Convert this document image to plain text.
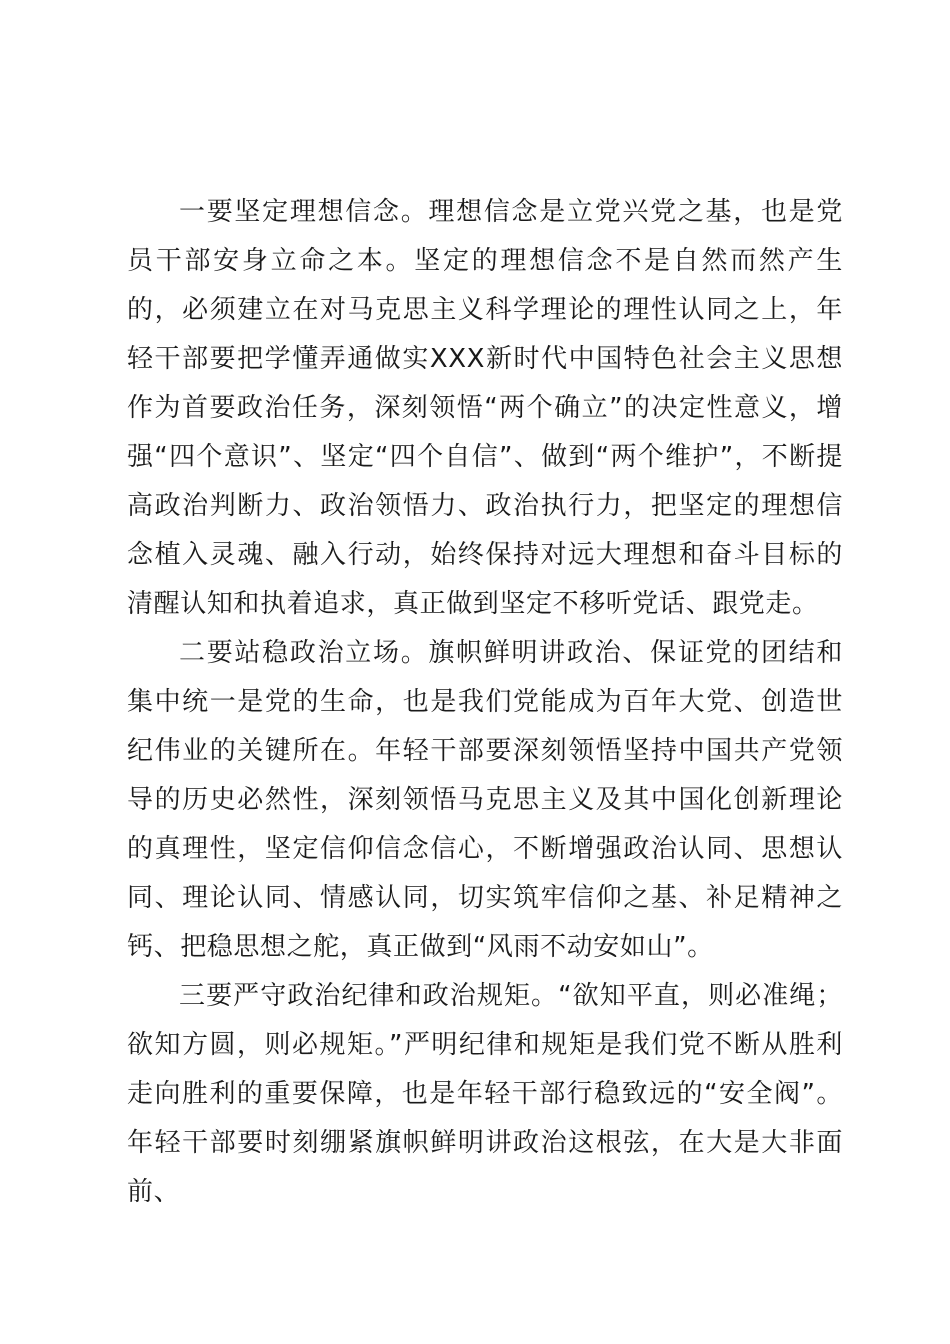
一要坚定理想信念。理想信念是立党兴党之基，也是党员干部安身立命之本。坚定的理想信念不是自然而然产生的，必须建立在对马克思主义科学理论的理性认同之上，年轻干部要把学懂弄通做实XXX新时代中国特色社会主义思想作为首要政治任务，深刻领悟“两个确立”的决定性意义，增强“四个意识”、坚定“四个自信”、做到“两个维护”，不断提高政治判断力、政治领悟力、政治执行力，把坚定的理想信念植入灵魂、融入行动，始终保持对远大理想和奋斗目标的清醒认知和执着追求，真正做到坚定不移听党话、跟党走。

二要站稳政治立场。旗帜鲜明讲政治、保证党的团结和集中统一是党的生命，也是我们党能成为百年大党、创造世纪伟业的关键所在。年轻干部要深刻领悟坚持中国共产党领导的历史必然性，深刻领悟马克思主义及其中国化创新理论的真理性，坚定信仰信念信心，不断增强政治认同、思想认同、理论认同、情感认同，切实筑牢信仰之基、补足精神之钙、把稳思想之舵，真正做到“风雨不动安如山”。

三要严守政治纪律和政治规矩。“欲知平直，则必准绳；欲知方圆，则必规矩。”严明纪律和规矩是我们党不断从胜利走向胜利的重要保障，也是年轻干部行稳致远的“安全阀”。年轻干部要时刻绷紧旗帜鲜明讲政治这根弦，在大是大非面前、
